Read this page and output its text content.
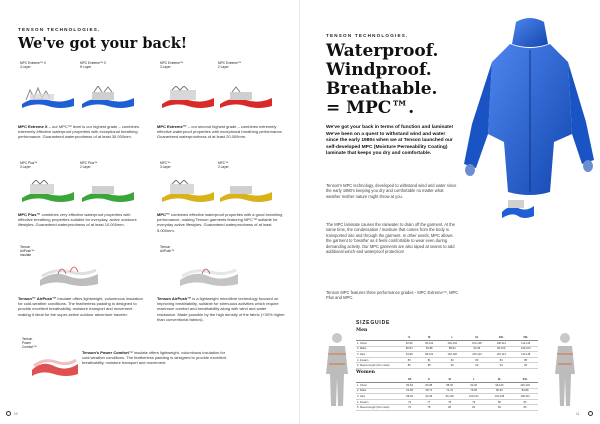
TENSON TECHNOLOGIES.
We've got your back!
MPC Extreme™ X
3 Layer
MPC Extreme™ X
H Layer
MPC Extreme™
3 Layer
MPC Extreme™
2 Layer
MPC Extreme X – our MPC™ level is our highest grade – combines extremely effective waterproof properties with exceptional breathing performance. Guaranteed waterproofness of at least 30.000mm.
MPC Extreme™ – our second highest grade – combines extremely effective waterproof properties with exceptional breathing performance. Guaranteed waterproofness of at least 20.000mm.
MPC Plus™
3 Layer
MPC Plus™
2 Layer
MPC™
3 Layer
MPC™
2 Layer
MPC Plus™ combines very effective waterproof properties with effective breathing properties suitable for everyday, active outdoors lifestyles. Guaranteed waterproofness of at least 10.000mm.
MPC™ combines effective waterproof properties with a good breathing performance, making Tenson garments featuring MPC™ suitable for everyday active lifestyles. Guaranteed waterproofness of at least 5.000mm.
Tenson
AirPush™
Insulate
Tenson
AirPush™
Tenson™ AirPush™ Insulate offers lightweight, voluminous insulation for cold-weather conditions. The featherless padding is designed to provide excellent breathability, moisture transport and movement making it ideal for the super-active outdoor adventure traveler.
Tenson AirPush™ is a lightweight microfibre technology focused on improving breathability, suitable for strenuous activities which require maximum comfort and breathability along with wind and water resistance. Made possible by the high density of the fabric (+30% higher than conventional fabrics).
Tenson
Power
Comfort™
Tenson's Power Comfort™ insulate offers lightweight, voluminous insulation for cold-weather conditions. The featherless padding is designed to provide excellent breathability, moisture transport and movement.
10
TENSON TECHNOLOGIES.
Waterproof.
Windproof.
Breathable.
= MPC™.
We've got your back in terms of function and laminate! We've been on a quest to withstand wind and water since the early 1980s when we at Tenson launched our self-developed MPC (Moisture Permeability Coating) laminate that keeps you dry and comfortable.
Tenson's MPC technology, developed to withstand wind and water since the early 1980's keeping you dry and comfortable no matter what weather mother nature might throw at you.
The MPC laminate causes the rainwater to drain off the garment. At the same time, the condensation / moisture that comes from the body is transported into and through the garment. In other words, MPC allows the garment to 'breathe' as it feels comfortable to wear even during demanding activity. Our MPC garments are also taped at seams to add additional winch-and waterproof protection!
Tenson MPC features three performance grades - MPC Extreme™, MPC Plus and MPC.
SIZEGUIDE
Men
	S	M	L	XL	XXL	3XL
1. Chest	92-96	96-100	100-104	104-108	108-112	112-116
2. Waist	80-84	84-88	88-92	92-96	96-100	100-104
3. Hips	94-98	98-102	102-106	106-110	110-114	114-118
4. Inseam	80	81	82	83	84	85
5. Sleeve length (from neck)	86	88	90	92	94	96
Women
	XS	S	M	L	XL	XXL
1. Chest	80-84	84-88	88-92	92-96	96-100	100-104
2. Waist	64-68	68-72	72-76	76-80	80-84	84-88
3. Hips	88-92	92-96	96-100	100-104	104-108	108-112
4. Inseam	76	77	78	79	80	81
5. Sleeve length (from neck)	76	78	80	82	84	86
11
